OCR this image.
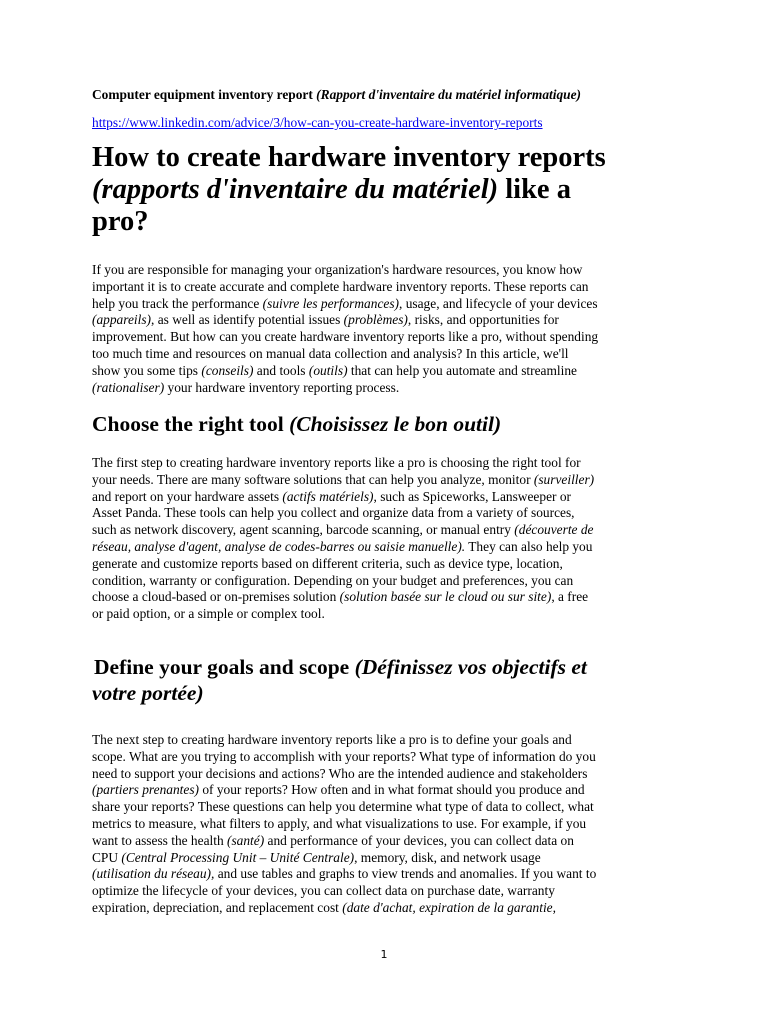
Computer equipment inventory report (Rapport d'inventaire du matériel informatique)
https://www.linkedin.com/advice/3/how-can-you-create-hardware-inventory-reports
How to create hardware inventory reports
(rapports d'inventaire du matériel) like a
pro?

If you are responsible for managing your organization's hardware resources, you know how
important it is to create accurate and complete hardware inventory reports. These reports can
help you track the performance (suivre les performances), usage, and lifecycle of your devices
(appareils), as well as identify potential issues (problèmes), risks, and opportunities for
improvement. But how can you create hardware inventory reports like a pro, without spending
too much time and resources on manual data collection and analysis? In this article, we'll
show you some tips (conseils) and tools (outils) that can help you automate and streamline
(rationaliser) your hardware inventory reporting process.

Choose the right tool (Choisissez le bon outil)

The first step to creating hardware inventory reports like a pro is choosing the right tool for
your needs. There are many software solutions that can help you analyze, monitor (surveiller)
and report on your hardware assets (actifs matériels), such as Spiceworks, Lansweeper or
Asset Panda. These tools can help you collect and organize data from a variety of sources,
such as network discovery, agent scanning, barcode scanning, or manual entry (découverte de
réseau, analyse d'agent, analyse de codes-barres ou saisie manuelle). They can also help you
generate and customize reports based on different criteria, such as device type, location,
condition, warranty or configuration. Depending on your budget and preferences, you can
choose a cloud-based or on-premises solution (solution basée sur le cloud ou sur site), a free
or paid option, or a simple or complex tool.

Define your goals and scope (Définissez vos objectifs et
votre portée)

The next step to creating hardware inventory reports like a pro is to define your goals and
scope. What are you trying to accomplish with your reports? What type of information do you
need to support your decisions and actions? Who are the intended audience and stakeholders
(partiers prenantes) of your reports? How often and in what format should you produce and
share your reports? These questions can help you determine what type of data to collect, what
metrics to measure, what filters to apply, and what visualizations to use. For example, if you
want to assess the health (santé) and performance of your devices, you can collect data on
CPU (Central Processing Unit – Unité Centrale), memory, disk, and network usage
(utilisation du réseau), and use tables and graphs to view trends and anomalies. If you want to
optimize the lifecycle of your devices, you can collect data on purchase date, warranty
expiration, depreciation, and replacement cost (date d'achat, expiration de la garantie,

1
